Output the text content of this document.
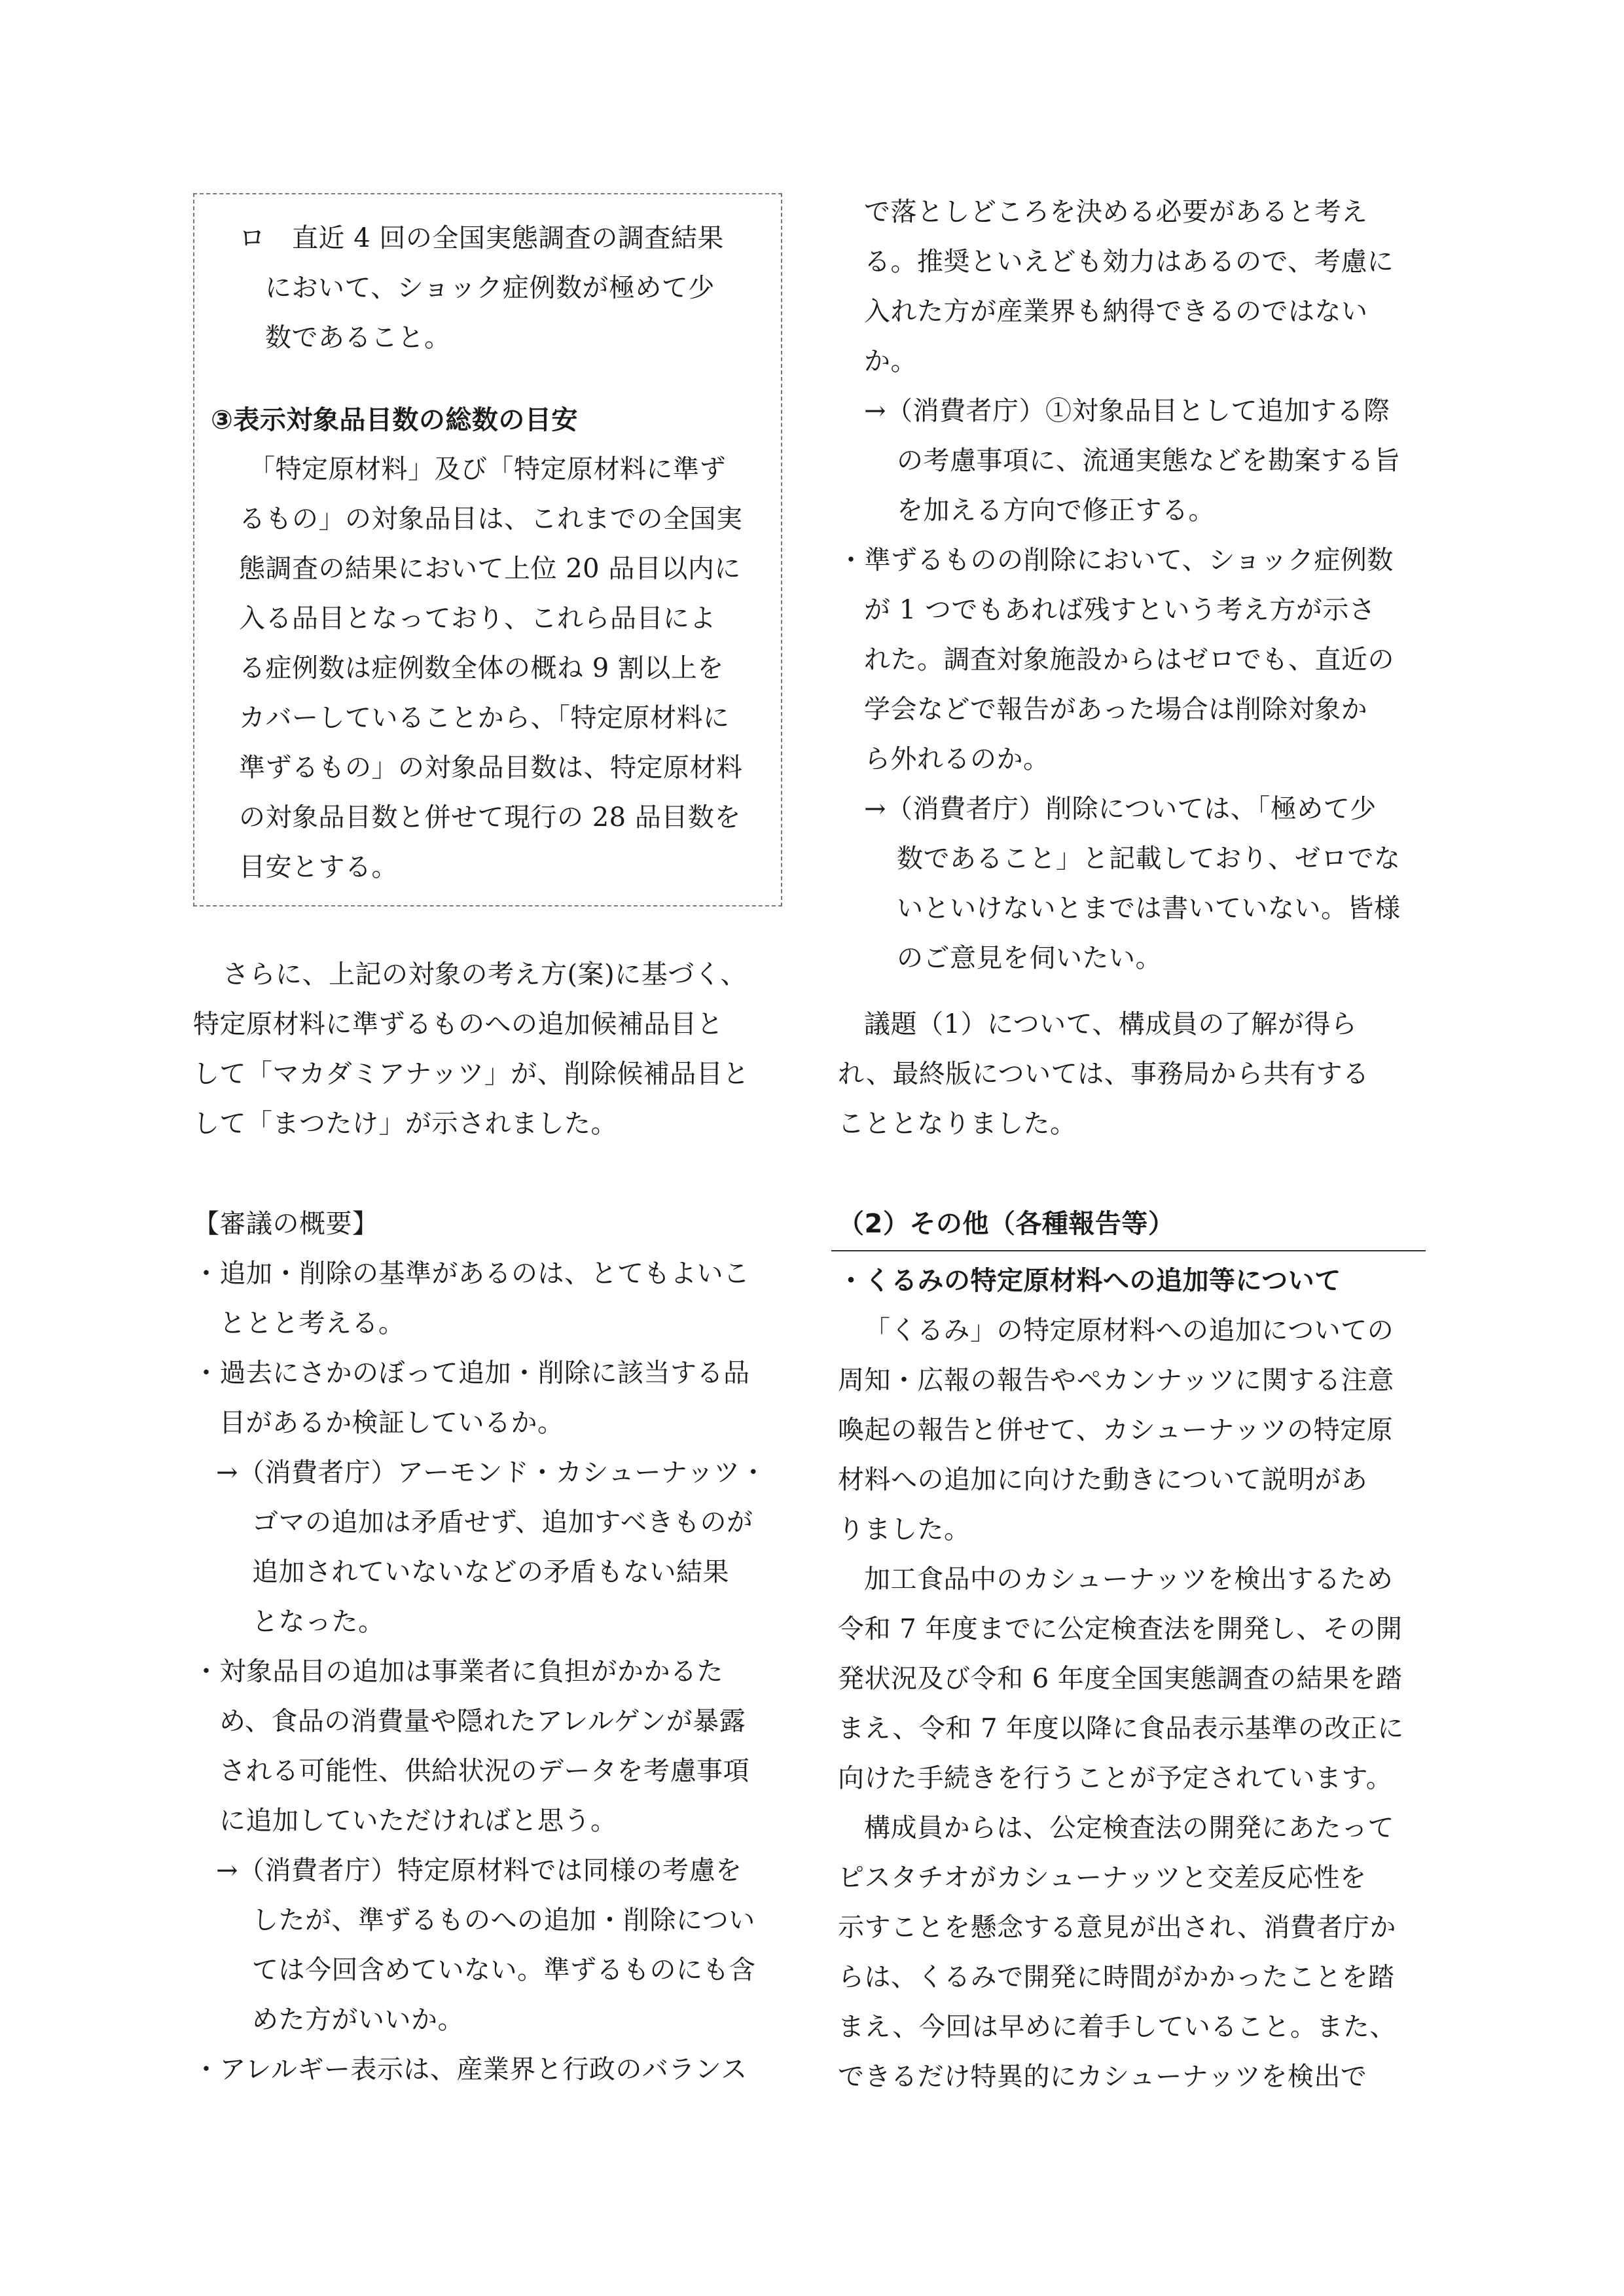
ロ　直近 4 回の全国実態調査の調査結果
において、ショック症例数が極めて少
数であること。
③表示対象品目数の総数の目安
「特定原材料」及び「特定原材料に準ず
るもの」の対象品目は、これまでの全国実
態調査の結果において上位 20 品目以内に
入る品目となっており、これら品目によ
る症例数は症例数全体の概ね 9 割以上を
カバーしていることから、「特定原材料に
準ずるもの」の対象品目数は、特定原材料
の対象品目数と併せて現行の 28 品目数を
目安とする。
さらに、上記の対象の考え方(案)に基づく、
特定原材料に準ずるものへの追加候補品目と
して「マカダミアナッツ」が、削除候補品目と
して「まつたけ」が示されました。
【審議の概要】
・追加・削除の基準があるのは、とてもよいこ
ととと考える。
・過去にさかのぼって追加・削除に該当する品
目があるか検証しているか。
→（消費者庁）アーモンド・カシューナッツ・
ゴマの追加は矛盾せず、追加すべきものが
追加されていないなどの矛盾もない結果
となった。
・対象品目の追加は事業者に負担がかかるた
め、食品の消費量や隠れたアレルゲンが暴露
される可能性、供給状況のデータを考慮事項
に追加していただければと思う。
→（消費者庁）特定原材料では同様の考慮を
したが、準ずるものへの追加・削除につい
ては今回含めていない。準ずるものにも含
めた方がいいか。
・アレルギー表示は、産業界と行政のバランス
で落としどころを決める必要があると考え
る。推奨といえども効力はあるので、考慮に
入れた方が産業界も納得できるのではない
か。
→（消費者庁）①対象品目として追加する際
の考慮事項に、流通実態などを勘案する旨
を加える方向で修正する。
・準ずるものの削除において、ショック症例数
が 1 つでもあれば残すという考え方が示さ
れた。調査対象施設からはゼロでも、直近の
学会などで報告があった場合は削除対象か
ら外れるのか。
→（消費者庁）削除については、「極めて少
数であること」と記載しており、ゼロでな
いといけないとまでは書いていない。皆様
のご意見を伺いたい。
議題（1）について、構成員の了解が得ら
れ、最終版については、事務局から共有する
こととなりました。
（2）その他（各種報告等）
・くるみの特定原材料への追加等について
「くるみ」の特定原材料への追加についての
周知・広報の報告やペカンナッツに関する注意
喚起の報告と併せて、カシューナッツの特定原
材料への追加に向けた動きについて説明があ
りました。
加工食品中のカシューナッツを検出するため
令和 7 年度までに公定検査法を開発し、その開
発状況及び令和 6 年度全国実態調査の結果を踏
まえ、令和 7 年度以降に食品表示基準の改正に
向けた手続きを行うことが予定されています。
構成員からは、公定検査法の開発にあたって
ピスタチオがカシューナッツと交差反応性を
示すことを懸念する意見が出され、消費者庁か
らは、くるみで開発に時間がかかったことを踏
まえ、今回は早めに着手していること。また、
できるだけ特異的にカシューナッツを検出で
